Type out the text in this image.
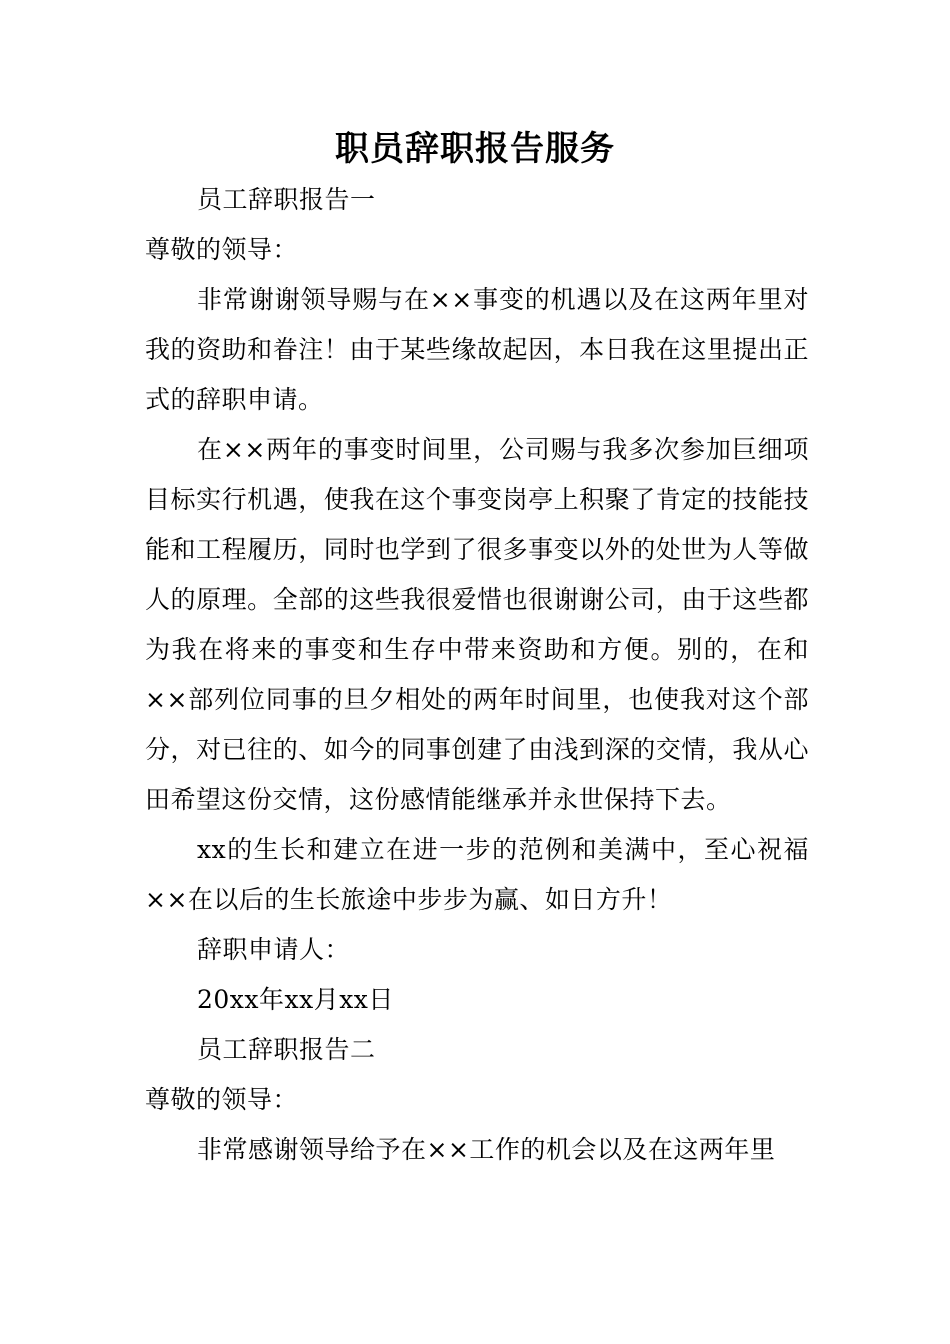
职员辞职报告服务

员工辞职报告一

尊敬的领导：

非常谢谢领导赐与在××事变的机遇以及在这两年里对我的资助和眷注！由于某些缘故起因，本日我在这里提出正式的辞职申请。

在××两年的事变时间里，公司赐与我多次参加巨细项目标实行机遇，使我在这个事变岗亭上积聚了肯定的技能技能和工程履历，同时也学到了很多事变以外的处世为人等做人的原理。全部的这些我很爱惜也很谢谢公司，由于这些都为我在将来的事变和生存中带来资助和方便。别的，在和××部列位同事的旦夕相处的两年时间里，也使我对这个部分，对已往的、如今的同事创建了由浅到深的交情，我从心田希望这份交情，这份感情能继承并永世保持下去。

xx的生长和建立在进一步的范例和美满中，至心祝福××在以后的生长旅途中步步为赢、如日方升！

辞职申请人：

20xx年xx月xx日

员工辞职报告二

尊敬的领导：

非常感谢领导给予在××工作的机会以及在这两年里
